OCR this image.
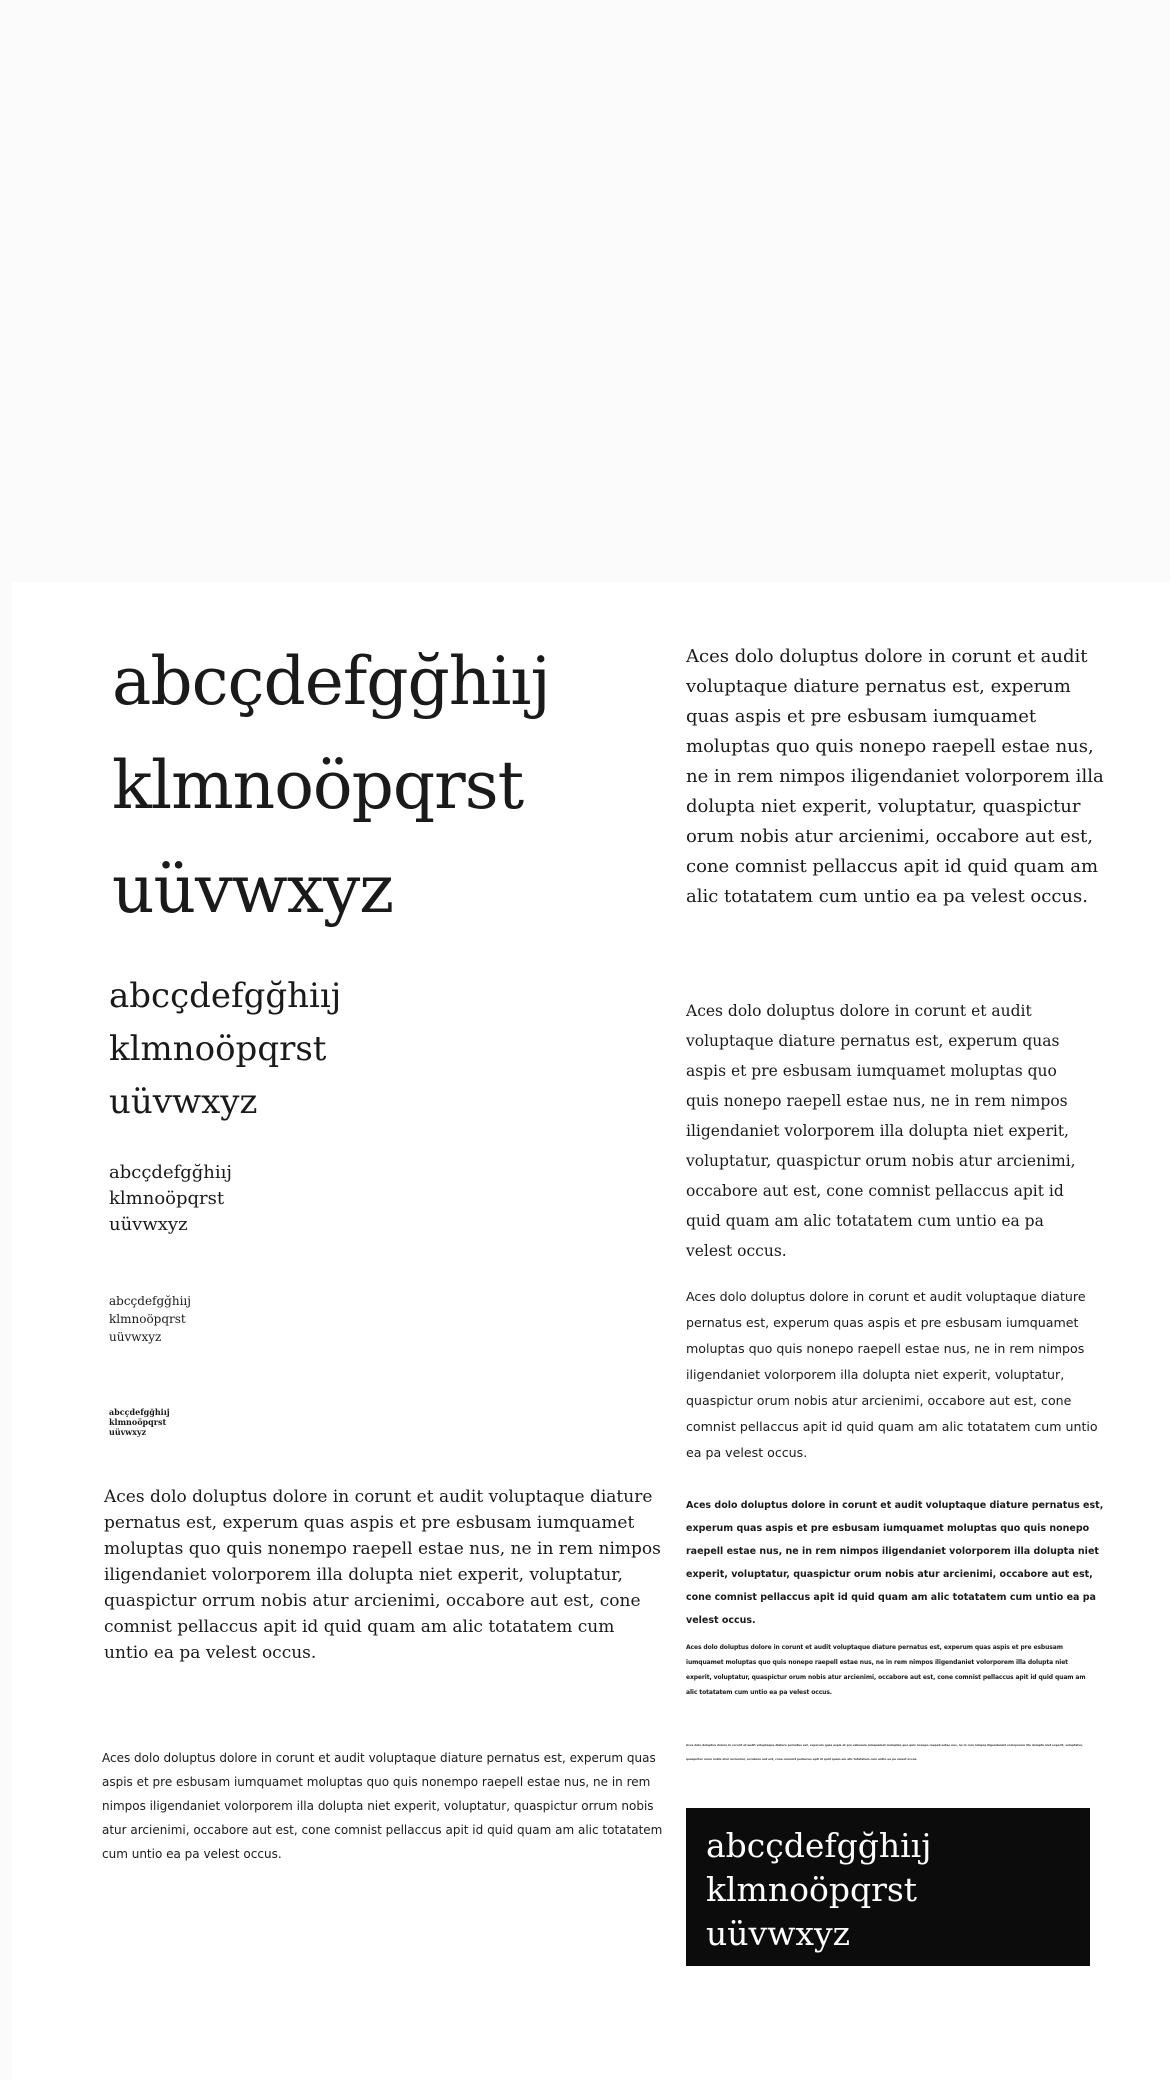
abcçdefgğhiıj
klmnoöpqrst
uüvwxyz
abcçdefgğhiıj
klmnoöpqrst
uüvwxyz
abcçdefgğhiıj
klmnoöpqrst
uüvwxyz
abcçdefgğhiıj
klmnoöpqrst
uüvwxyz
abcçdefgğhiıj
klmnoöpqrst
uüvwxyz

Aces dolo doluptus dolore in corunt et audit voluptaque diature pernatus est, experum quas aspis et pre esbusam iumquamet moluptas quo quis nonempo raepell estae nus, ne in rem nimpos iligendaniet volorporem illa dolupta niet experit, voluptatur, quaspictur orrum nobis atur arcienimi, occabore aut est, cone comnist pellaccus apit id quid quam am alic totatatem cum untio ea pa velest occus.

Aces dolo doluptus dolore in corunt et audit voluptaque diature pernatus est, experum quas aspis et pre esbusam iumquamet moluptas quo quis nonempo raepell estae nus, ne in rem nimpos iligendaniet volorporem illa dolupta niet experit, voluptatur, quaspictur orrum nobis atur arcienimi, occabore aut est, cone comnist pellaccus apit id quid quam am alic totatatem cum untio ea pa velest occus.

Aces dolo doluptus dolore in corunt et audit voluptaque diature pernatus est, experum quas aspis et pre esbusam iumquamet moluptas quo quis nonepo raepell estae nus, ne in rem nimpos iligendaniet volorporem illa dolupta niet experit, voluptatur, quaspictur orum nobis atur arcienimi, occabore aut est, cone comnist pellaccus apit id quid quam am alic totatatem cum untio ea pa velest occus.

Aces dolo doluptus dolore in corunt et audit voluptaque diature pernatus est, experum quas aspis et pre esbusam iumquamet moluptas quo quis nonepo raepell estae nus, ne in rem nimpos iligendaniet volorporem illa dolupta niet experit, voluptatur, quaspictur orum nobis atur arcienimi, occabore aut est, cone comnist pellaccus apit id quid quam am alic totatatem cum untio ea pa velest occus.

Aces dolo doluptus dolore in corunt et audit voluptaque diature pernatus est, experum quas aspis et pre esbusam iumquamet moluptas quo quis nonepo raepell estae nus, ne in rem nimpos iligendaniet volorporem illa dolupta niet experit, voluptatur, quaspictur orum nobis atur arcienimi, occabore aut est, cone comnist pellaccus apit id quid quam am alic totatatem cum untio ea pa velest occus.

Aces dolo doluptus dolore in corunt et audit voluptaque diature pernatus est, experum quas aspis et pre esbusam iumquamet moluptas quo quis nonepo raepell estae nus, ne in rem nimpos iligendaniet volorporem illa dolupta niet experit, voluptatur, quaspictur orum nobis atur arcienimi, occabore aut est, cone comnist pellaccus apit id quid quam am alic totatatem cum untio ea pa velest occus.

Aces dolo doluptus dolore in corunt et audit voluptaque diature pernatus est, experum quas aspis et pre esbusam iumquamet moluptas quo quis nonepo raepell estae nus, ne in rem nimpos iligendaniet volorporem illa dolupta niet experit, voluptatur, quaspictur orum nobis atur arcienimi, occabore aut est, cone comnist pellaccus apit id quid quam am alic totatatem cum untio ea pa velest occus.

Aces dolo doluptus dolore in corunt et audit voluptaque diature pernatus est, experum quas aspis et pre esbusam iumquamet moluptas quo quis nonepo raepell estae nus, ne in rem nimpos iligendaniet volorporem illa dolupta niet experit, voluptatur, quaspictur orum nobis atur arcienimi, occabore aut est, cone comnist pellaccus apit id quid quam am alic totatatem cum untio ea pa velest occus.

abcçdefgğhiıj
klmnoöpqrst
uüvwxyz
